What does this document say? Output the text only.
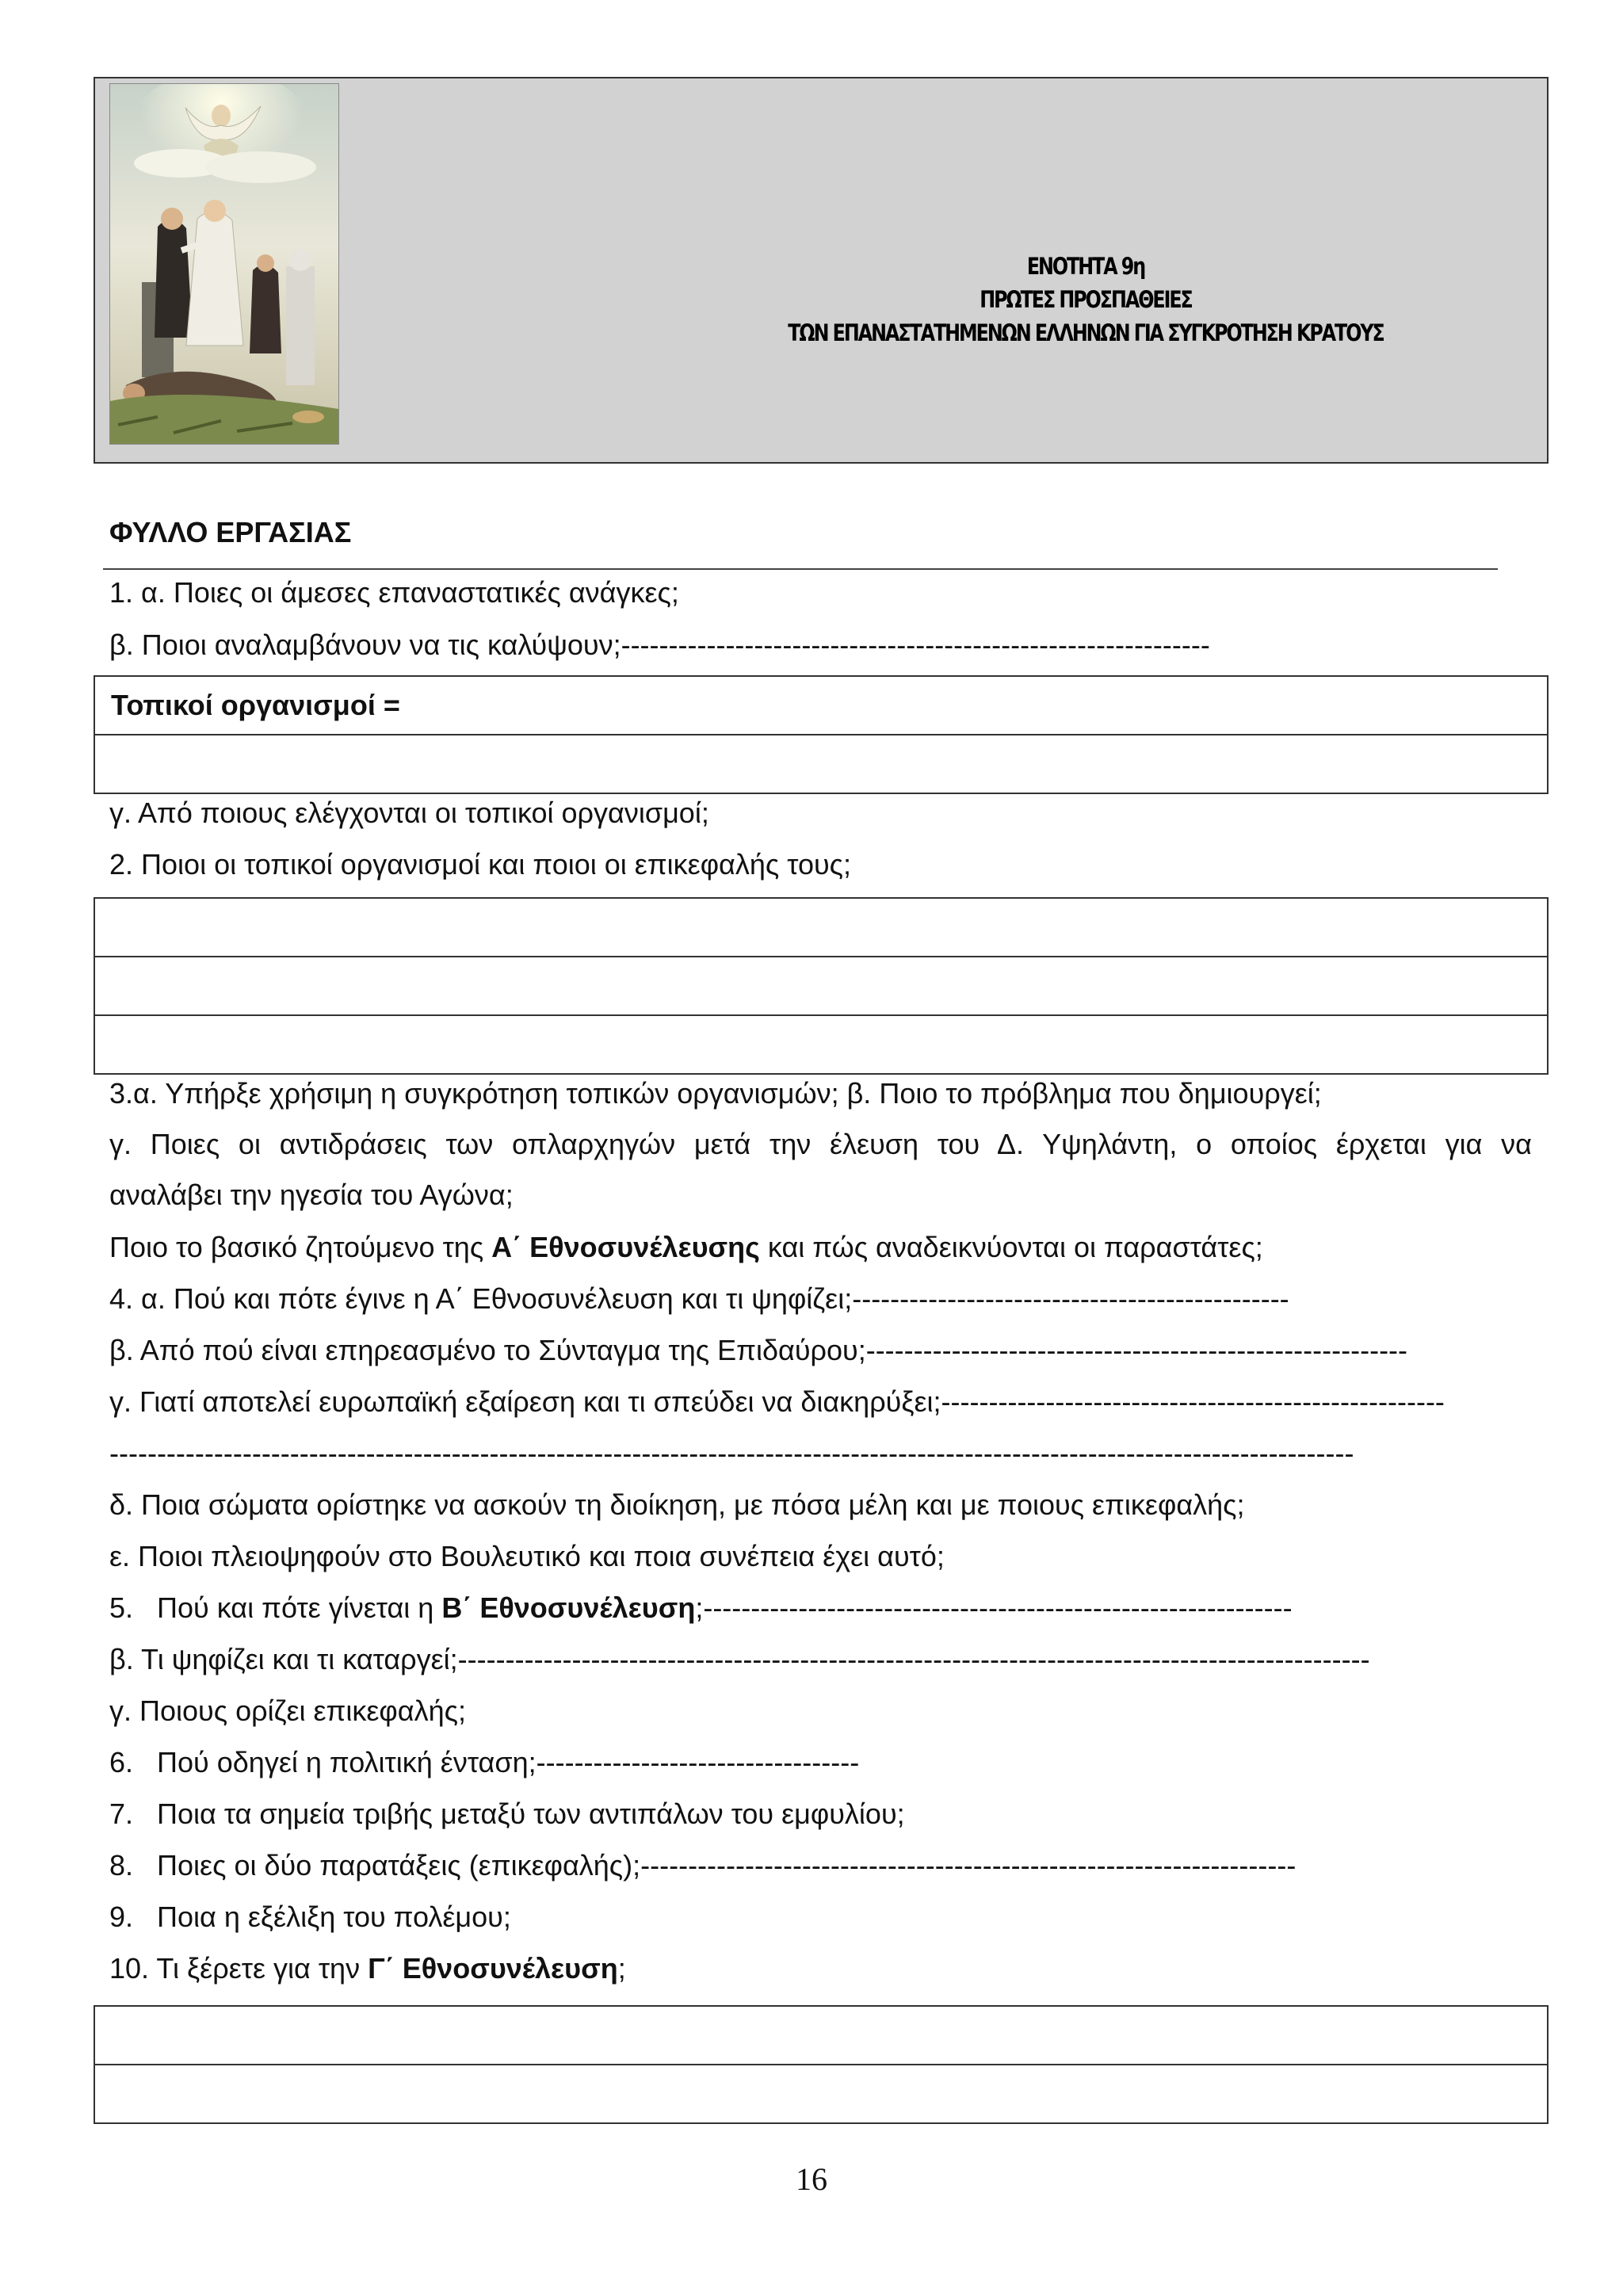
ΕΝΟΤΗΤΑ 9η
ΠΡΩΤΕΣ ΠΡΟΣΠΑΘΕΙΕΣ
ΤΩΝ ΕΠΑΝΑΣΤΑΤΗΜΕΝΩΝ ΕΛΛΗΝΩΝ ΓΙΑ ΣΥΓΚΡΟΤΗΣΗ ΚΡΑΤΟΥΣ
ΦΥΛΛΟ ΕΡΓΑΣΙΑΣ
1. α. Ποιες οι άμεσες επαναστατικές ανάγκες;
β. Ποιοι αναλαμβάνουν να τις καλύψουν;--------------------------------------------------------------
Τοπικοί οργανισμοί =

γ. Από ποιους ελέγχονται οι τοπικοί οργανισμοί;
2. Ποιοι οι τοπικοί οργανισμοί και ποιοι οι επικεφαλής τους;

3.α. Υπήρξε χρήσιμη η συγκρότηση τοπικών οργανισμών; β. Ποιο το πρόβλημα που δημιουργεί;
γ. Ποιες οι αντιδράσεις των οπλαρχηγών μετά την έλευση του Δ. Υψηλάντη, ο οποίος έρχεται για να
αναλάβει την ηγεσία του Αγώνα;
Ποιο το βασικό ζητούμενο της Α΄ Εθνοσυνέλευσης και πώς αναδεικνύονται οι παραστάτες;
4. α. Πού και πότε έγινε η Α΄ Εθνοσυνέλευση και τι ψηφίζει;----------------------------------------------
β. Από πού είναι επηρεασμένο το Σύνταγμα της Επιδαύρου;---------------------------------------------------------
γ. Γιατί αποτελεί ευρωπαϊκή εξαίρεση και τι σπεύδει να διακηρύξει;-----------------------------------------------------
-----------------------------------------------------------------------------------------------------------------------------------
δ. Ποια σώματα ορίστηκε να ασκούν τη διοίκηση, με πόσα μέλη και με ποιους επικεφαλής;
ε. Ποιοι πλειοψηφούν στο Βουλευτικό και ποια συνέπεια έχει αυτό;
5.   Πού και πότε γίνεται η Β΄ Εθνοσυνέλευση;--------------------------------------------------------------
β. Τι ψηφίζει και τι καταργεί;------------------------------------------------------------------------------------------------
γ. Ποιους ορίζει επικεφαλής;
6.   Πού οδηγεί η πολιτική ένταση;----------------------------------
7.   Ποια τα σημεία τριβής μεταξύ των αντιπάλων του εμφυλίου;
8.   Ποιες οι δύο παρατάξεις (επικεφαλής);---------------------------------------------------------------------
9.   Ποια η εξέλιξη του πολέμου;
10. Τι ξέρετε για την Γ΄ Εθνοσυνέλευση;

16
